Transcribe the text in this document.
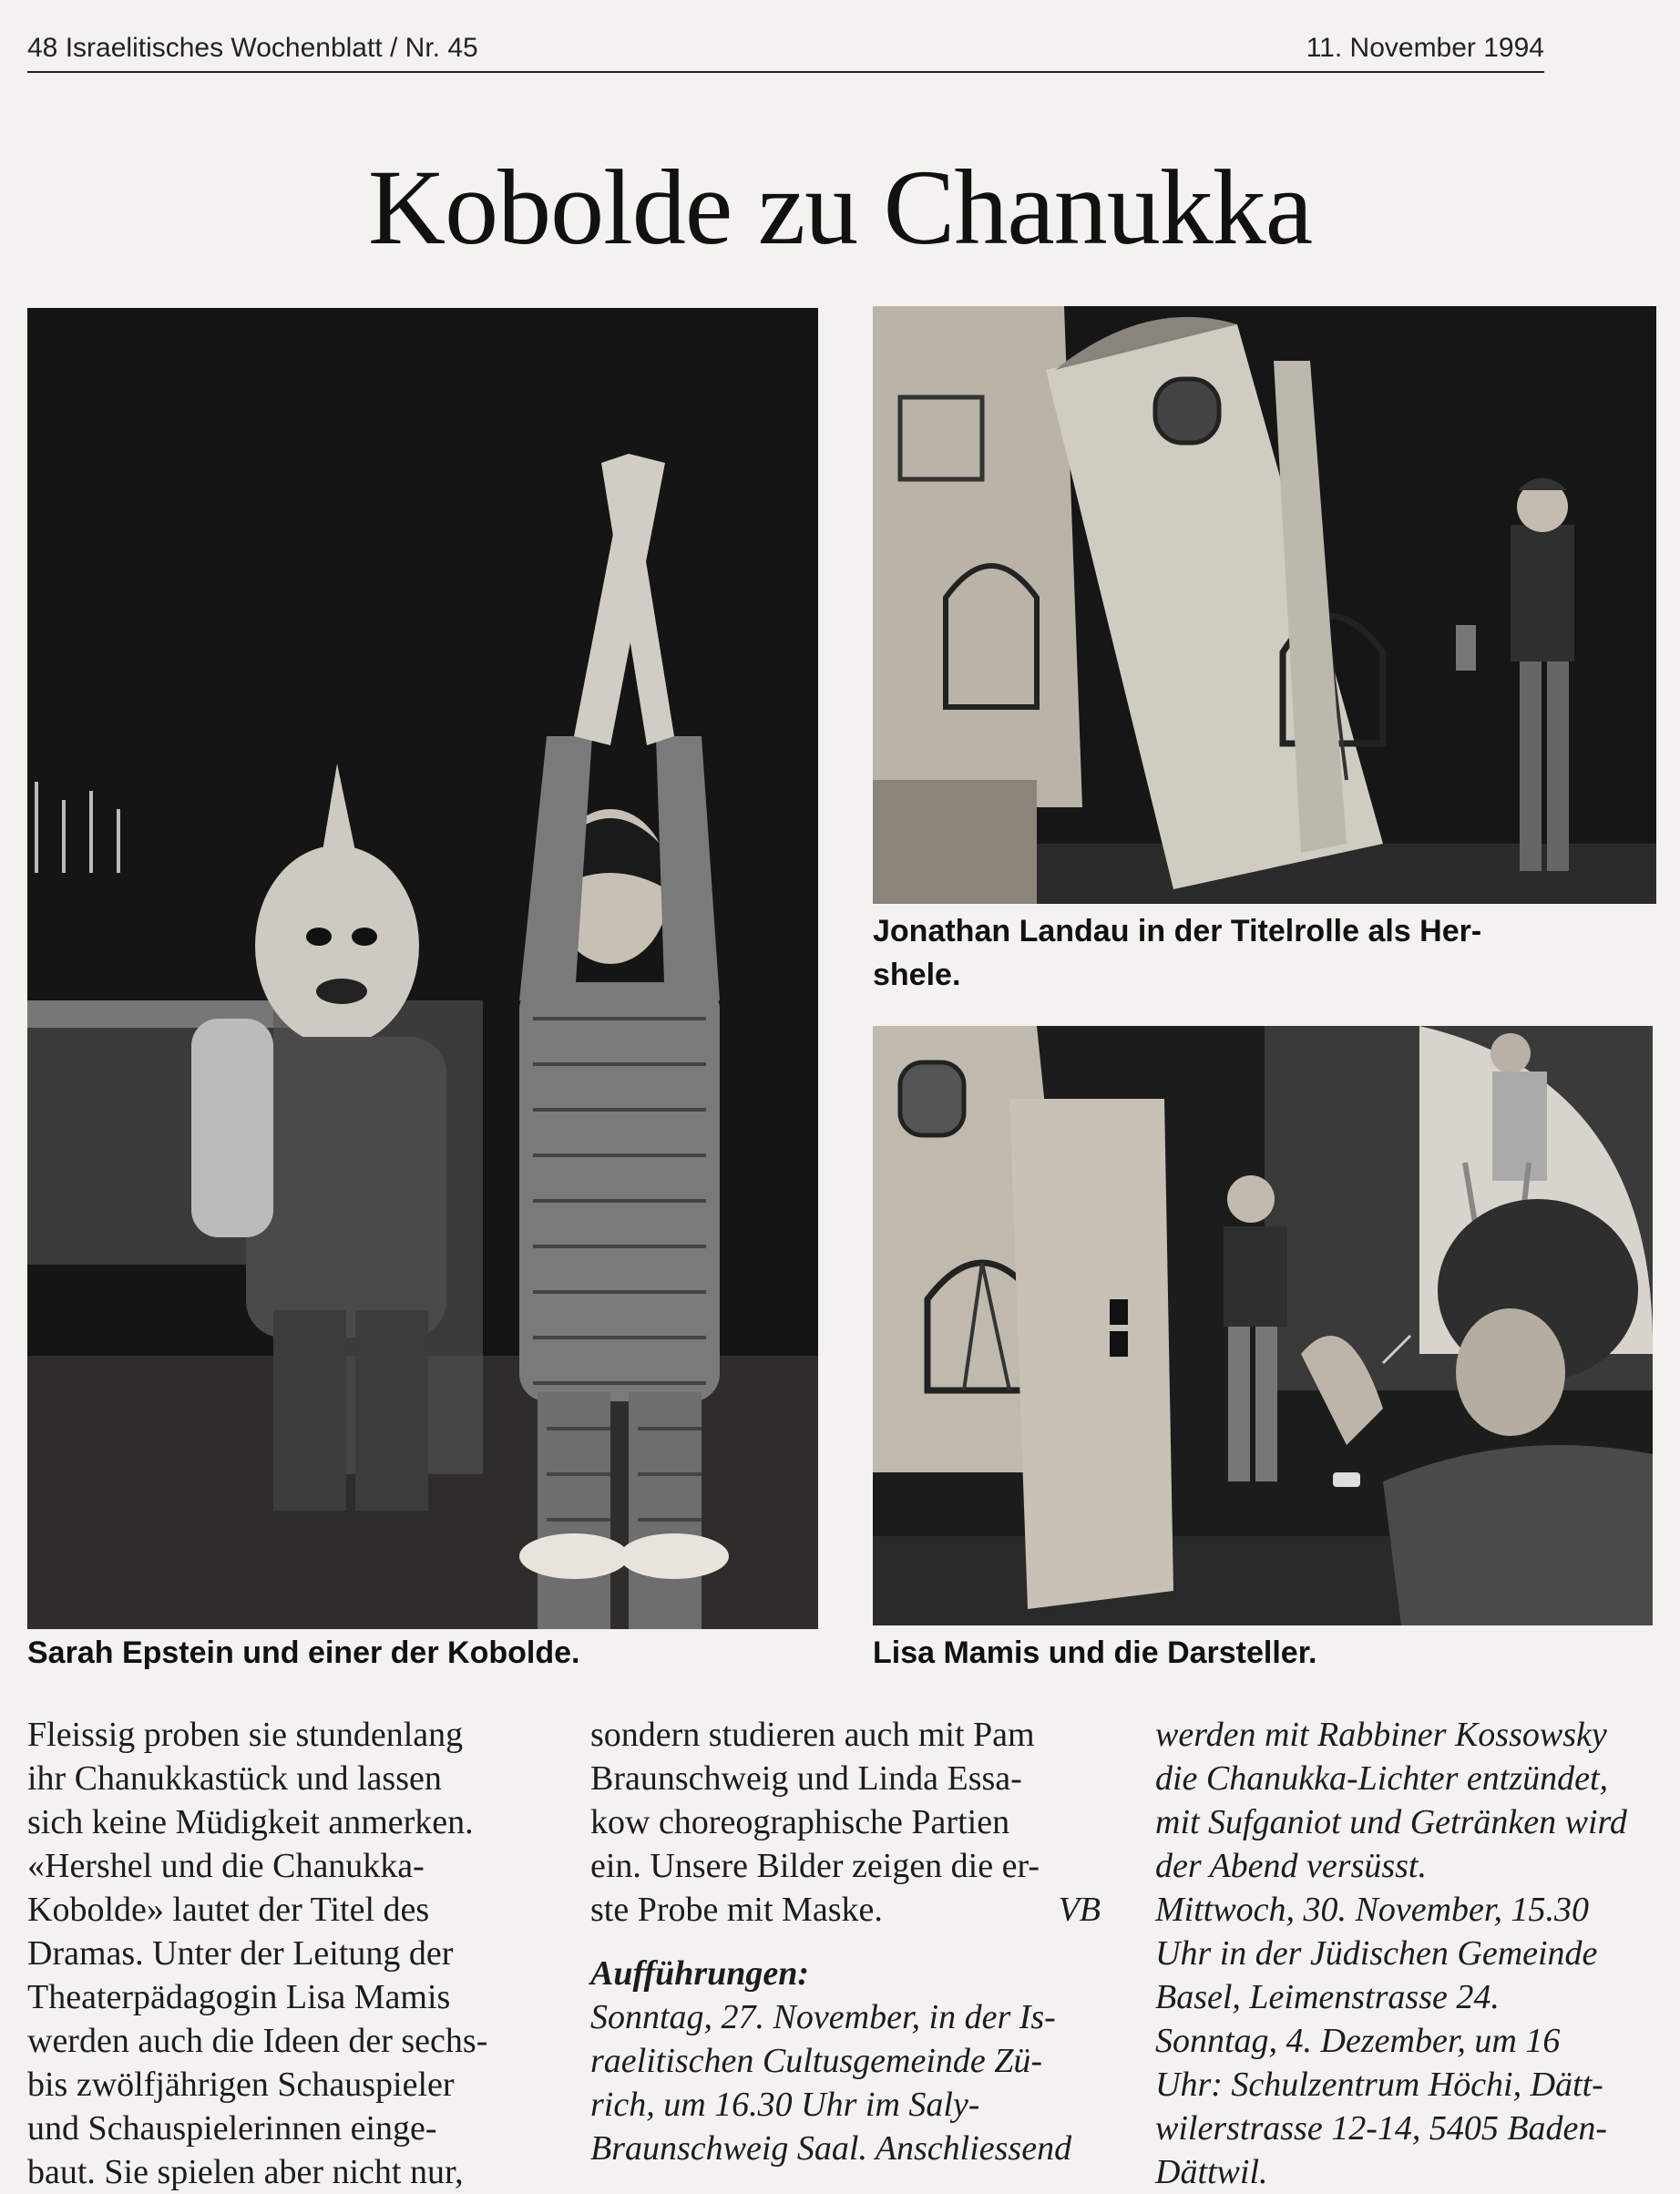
48 Israelitisches Wochenblatt / Nr. 45	11. November 1994
Kobolde zu Chanukka
Jonathan Landau in der Titelrolle als Her-
shele.
Sarah Epstein und einer der Kobolde.	Lisa Mamis und die Darsteller.
Fleissig proben sie stundenlang
ihr Chanukkastück und lassen
sich keine Müdigkeit anmerken.
«Hershel und die Chanukka-
Kobolde» lautet der Titel des
Dramas. Unter der Leitung der
Theaterpädagogin Lisa Mamis
werden auch die Ideen der sechs-
bis zwölfjährigen Schauspieler
und Schauspielerinnen einge-
baut. Sie spielen aber nicht nur,
sondern studieren auch mit Pam
Braunschweig und Linda Essa-
kow choreographische Partien
ein. Unsere Bilder zeigen die er-
ste Probe mit Maske.	VB
Aufführungen:
Sonntag, 27. November, in der Is-
raelitischen Cultusgemeinde Zü-
rich, um 16.30 Uhr im Saly-
Braunschweig Saal. Anschliessend
werden mit Rabbiner Kossowsky
die Chanukka-Lichter entzündet,
mit Sufganiot und Getränken wird
der Abend versüsst.
Mittwoch, 30. November, 15.30
Uhr in der Jüdischen Gemeinde
Basel, Leimenstrasse 24.
Sonntag, 4. Dezember, um 16
Uhr: Schulzentrum Höchi, Dätt-
wilerstrasse 12-14, 5405 Baden-
Dättwil.
